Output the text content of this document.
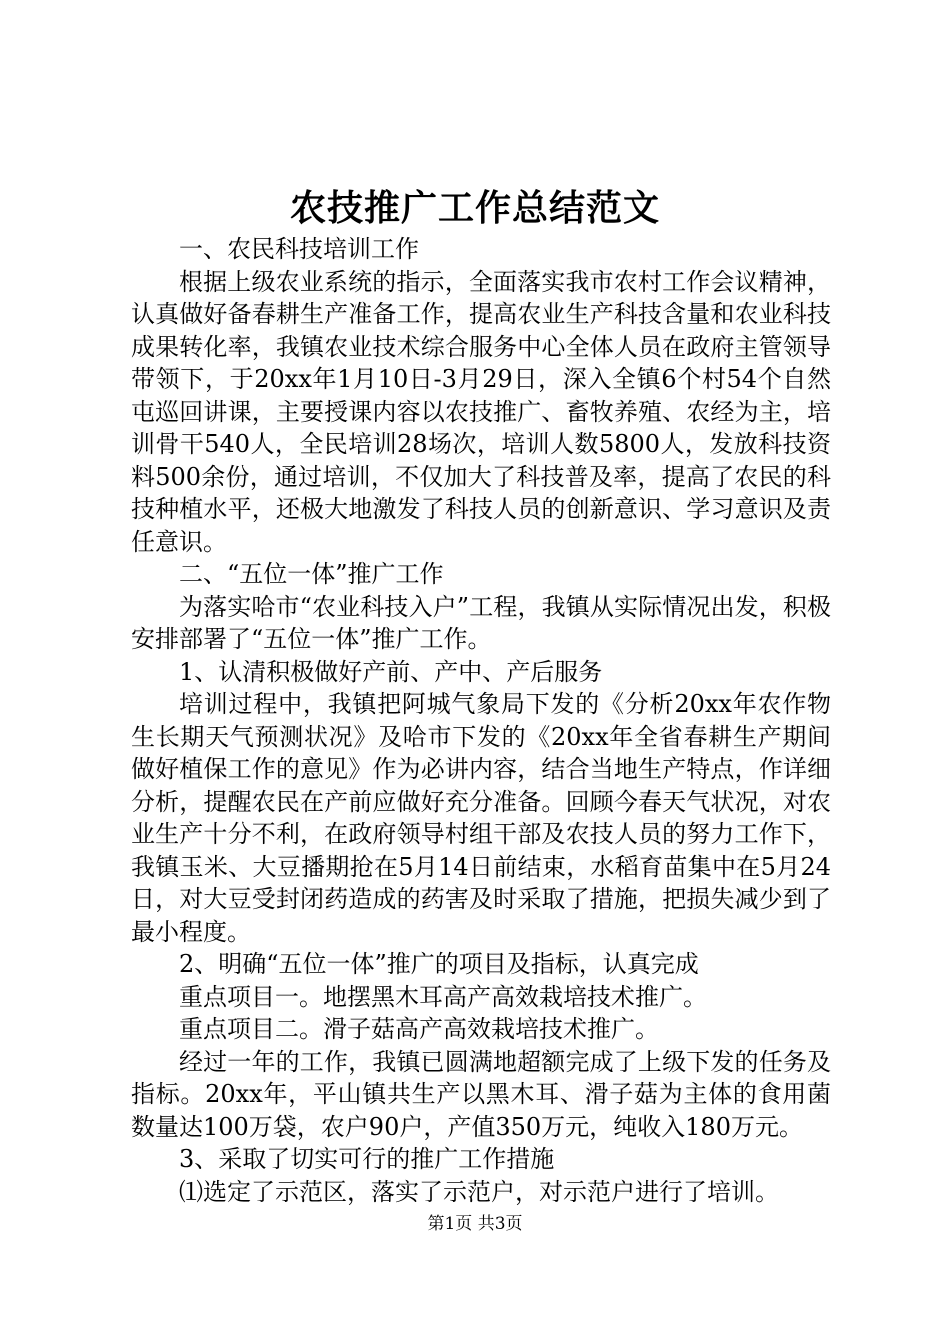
农技推广工作总结范文

一、农民科技培训工作

根据上级农业系统的指示，全面落实我市农村工作会议精神，认真做好备春耕生产准备工作，提高农业生产科技含量和农业科技成果转化率，我镇农业技术综合服务中心全体人员在政府主管领导带领下，于20xx年1月10日-3月29日，深入全镇6个村54个自然屯巡回讲课，主要授课内容以农技推广、畜牧养殖、农经为主，培训骨干540人，全民培训28场次，培训人数5800人，发放科技资料500余份，通过培训，不仅加大了科技普及率，提高了农民的科技种植水平，还极大地激发了科技人员的创新意识、学习意识及责任意识。

二、“五位一体”推广工作

为落实哈市“农业科技入户”工程，我镇从实际情况出发，积极安排部署了“五位一体”推广工作。

1、认清积极做好产前、产中、产后服务

培训过程中，我镇把阿城气象局下发的《分析20xx年农作物生长期天气预测状况》及哈市下发的《20xx年全省春耕生产期间做好植保工作的意见》作为必讲内容，结合当地生产特点，作详细分析，提醒农民在产前应做好充分准备。回顾今春天气状况，对农业生产十分不利，在政府领导村组干部及农技人员的努力工作下，我镇玉米、大豆播期抢在5月14日前结束，水稻育苗集中在5月24日，对大豆受封闭药造成的药害及时采取了措施，把损失减少到了最小程度。

2、明确“五位一体”推广的项目及指标，认真完成

重点项目一。地摆黑木耳高产高效栽培技术推广。

重点项目二。滑子菇高产高效栽培技术推广。

经过一年的工作，我镇已圆满地超额完成了上级下发的任务及指标。20xx年，平山镇共生产以黑木耳、滑子菇为主体的食用菌数量达100万袋，农户90户，产值350万元，纯收入180万元。

3、采取了切实可行的推广工作措施

⑴选定了示范区，落实了示范户，对示范户进行了培训。

第1页 共3页
